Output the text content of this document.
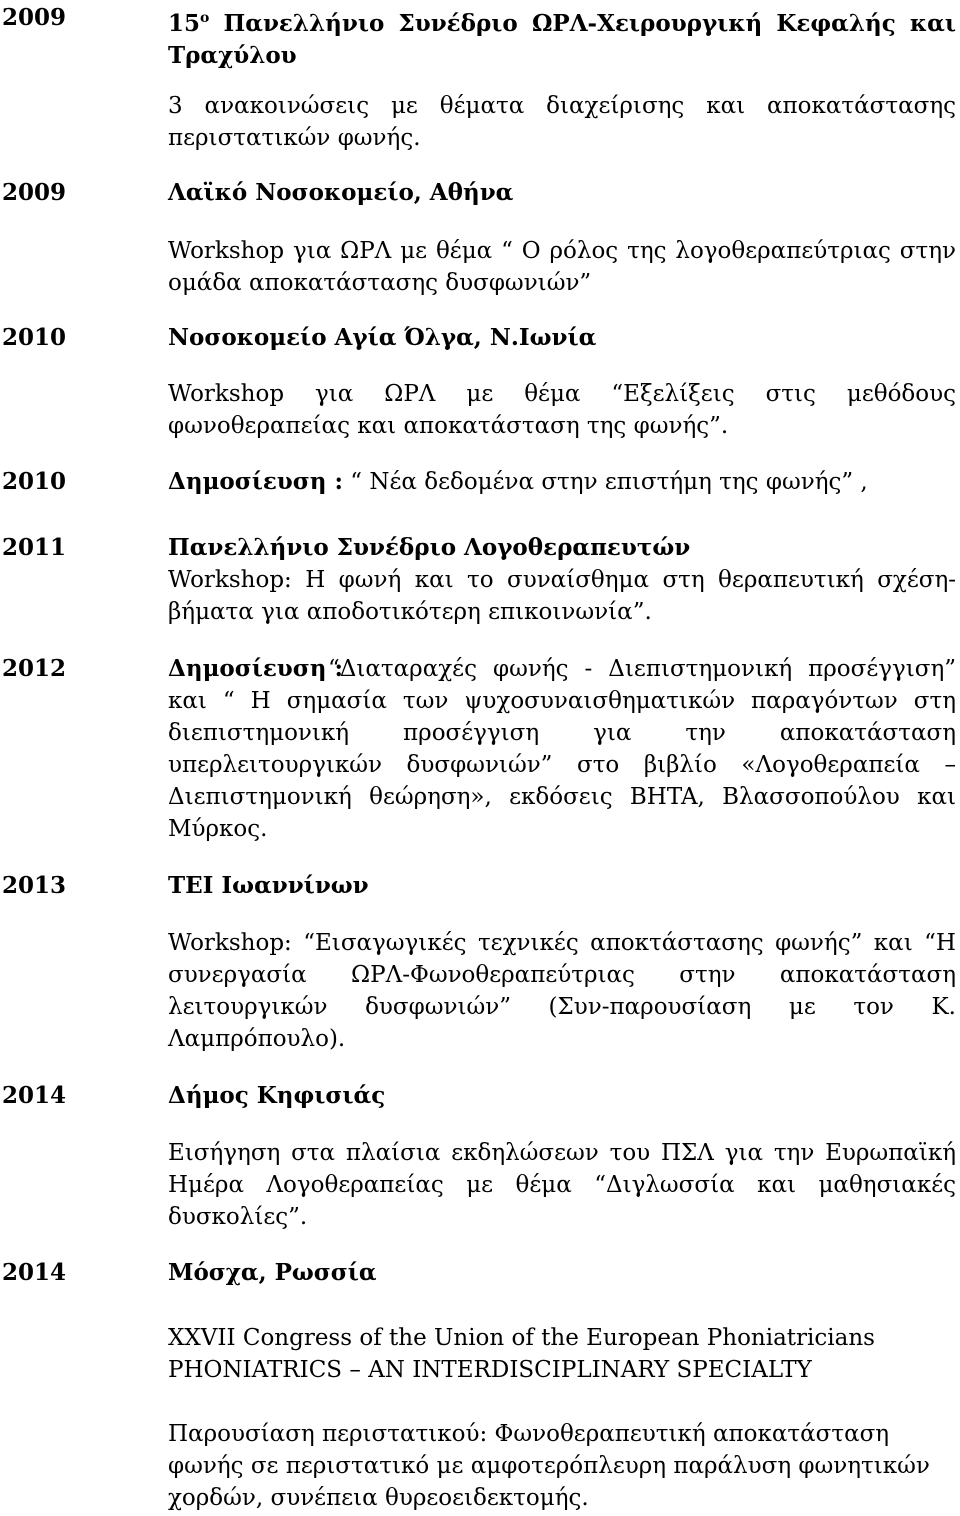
2009	$15^o$ Πανελλήνιο Συνέδριο ΩΡΛ-Χειρουργική Κεφαλής και Τραχύλου

3 ανακοινώσεις με θέματα διαχείρισης και αποκατάστασης περιστατικών φωνής.

2009	Λαϊκό Νοσοκομείο, Αθήνα

Workshop για ΩΡΛ με θέμα “ Ο ρόλος της λογοθεραπεύτριας στην ομάδα αποκατάστασης δυσφωνιών”

2010	Νοσοκομείο Αγία Όλγα, Ν.Ιωνία

Workshop για ΩΡΛ με θέμα “Εξελίξεις στις μεθόδους φωνοθεραπείας και αποκατάσταση της φωνής”.

2010	Δημοσίευση : “ Νέα δεδομένα στην επιστήμη της φωνής” ,

2011	Πανελλήνιο Συνέδριο Λογοθεραπευτών

Workshop: Η φωνή και το συναίσθημα στη θεραπευτική σχέση- βήματα για αποδοτικότερη επικοινωνία”.

2012	Δημοσίευση :

“Διαταραχές φωνής - Διεπιστημονική προσέγγιση” και “ Η σημασία των ψυχοσυναισθηματικών παραγόντων στη διεπιστημονική προσέγγιση για την αποκατάσταση υπερλειτουργικών δυσφωνιών” στο βιβλίο «Λογοθεραπεία – Διεπιστημονική θεώρηση», εκδόσεις BHTA, Βλασσοπούλου και Μύρκος.

2013	ΤΕΙ Ιωαννίνων

Workshop: “Εισαγωγικές τεχνικές αποκτάστασης φωνής” και “Η συνεργασία ΩΡΛ-Φωνοθεραπεύτριας στην αποκατάσταση λειτουργικών δυσφωνιών” (Συν-παρουσίαση με τον Κ. Λαμπρόπουλο).

2014	Δήμος Κηφισιάς

Εισήγηση στα πλαίσια εκδηλώσεων του ΠΣΛ για την Ευρωπαϊκή Ημέρα Λογοθεραπείας με θέμα “Διγλωσσία και μαθησιακές δυσκολίες”.

2014	Μόσχα, Ρωσσία

XXVII Congress of the Union of the European Phoniatricians

PHONIATRICS – AN INTERDISCIPLINARY SPECIALTY

Παρουσίαση περιστατικού: Φωνοθεραπευτική αποκατάσταση φωνής σε περιστατικό με αμφοτερόπλευρη παράλυση φωνητικών χορδών, συνέπεια θυρεοειδεκτομής.
